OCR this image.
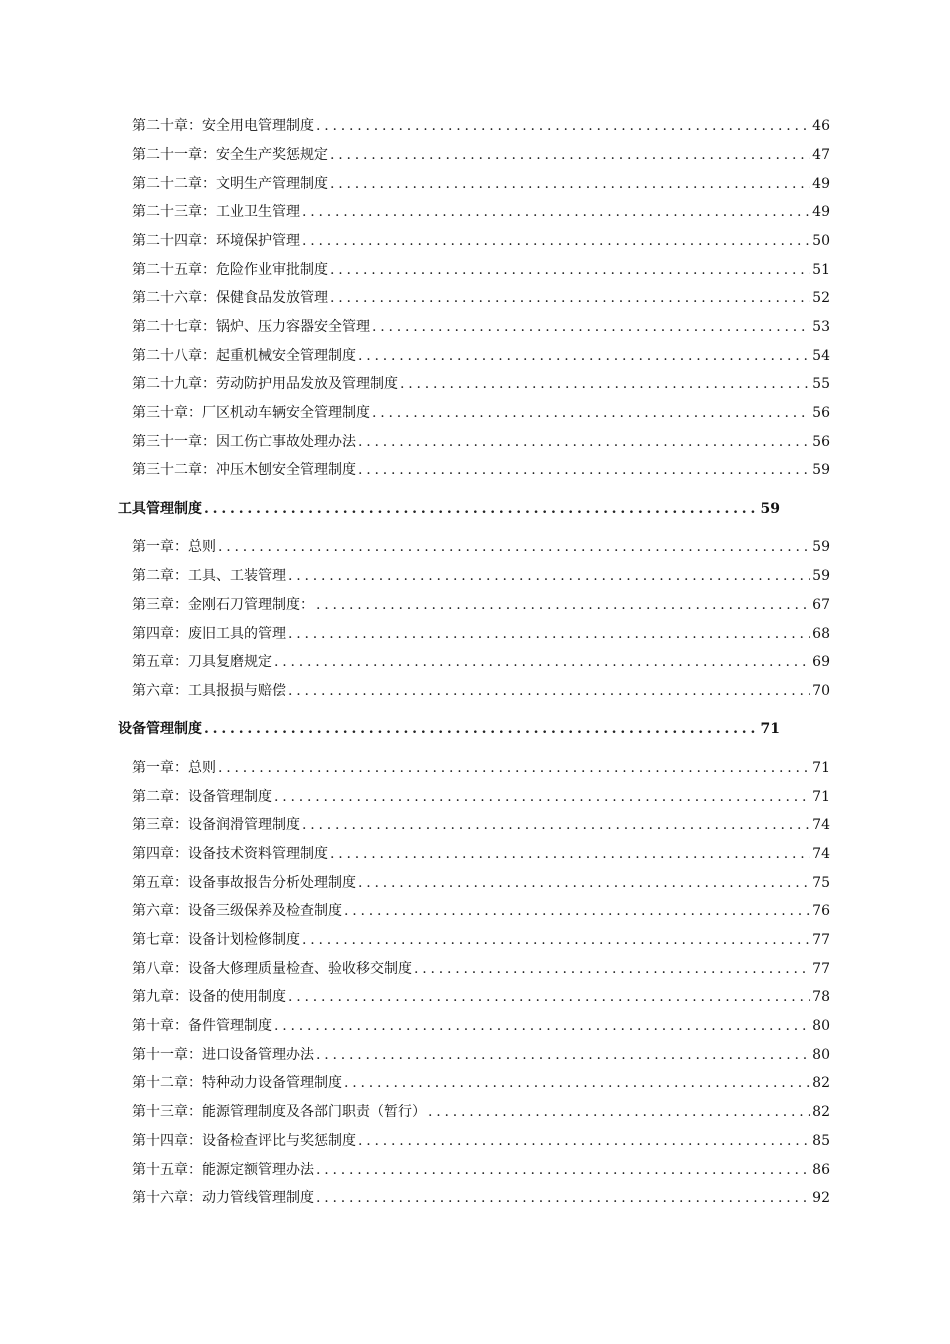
第二十章：安全用电管理制度 .....	46
第二十一章：安全生产奖惩规定 .....	47
第二十二章：文明生产管理制度 .....	49
第二十三章：工业卫生管理 .....	49
第二十四章：环境保护管理 .....	50
第二十五章：危险作业审批制度 .....	51
第二十六章：保健食品发放管理 .....	52
第二十七章：锅炉、压力容器安全管理 .....	53
第二十八章：起重机械安全管理制度 .....	54
第二十九章：劳动防护用品发放及管理制度 .....	55
第三十章：厂区机动车辆安全管理制度 .....	56
第三十一章：因工伤亡事故处理办法 .....	56
第三十二章：冲压木刨安全管理制度 .....	59
工具管理制度 .....	59
第一章：总则 .....	59
第二章：工具、工装管理 .....	59
第三章：金刚石刀管理制度： .....	67
第四章：废旧工具的管理 .....	68
第五章：刀具复磨规定 .....	69
第六章：工具报损与赔偿 .....	70
设备管理制度 .....	71
第一章：总则 .....	71
第二章：设备管理制度 .....	71
第三章：设备润滑管理制度 .....	74
第四章：设备技术资料管理制度 .....	74
第五章：设备事故报告分析处理制度 .....	75
第六章：设备三级保养及检查制度 .....	76
第七章：设备计划检修制度 .....	77
第八章：设备大修理质量检查、验收移交制度 .....	77
第九章：设备的使用制度 .....	78
第十章：备件管理制度 .....	80
第十一章：进口设备管理办法 .....	80
第十二章：特种动力设备管理制度 .....	82
第十三章：能源管理制度及各部门职责（暂行） .....	82
第十四章：设备检查评比与奖惩制度 .....	85
第十五章：能源定额管理办法 .....	86
第十六章：动力管线管理制度 .....	92
